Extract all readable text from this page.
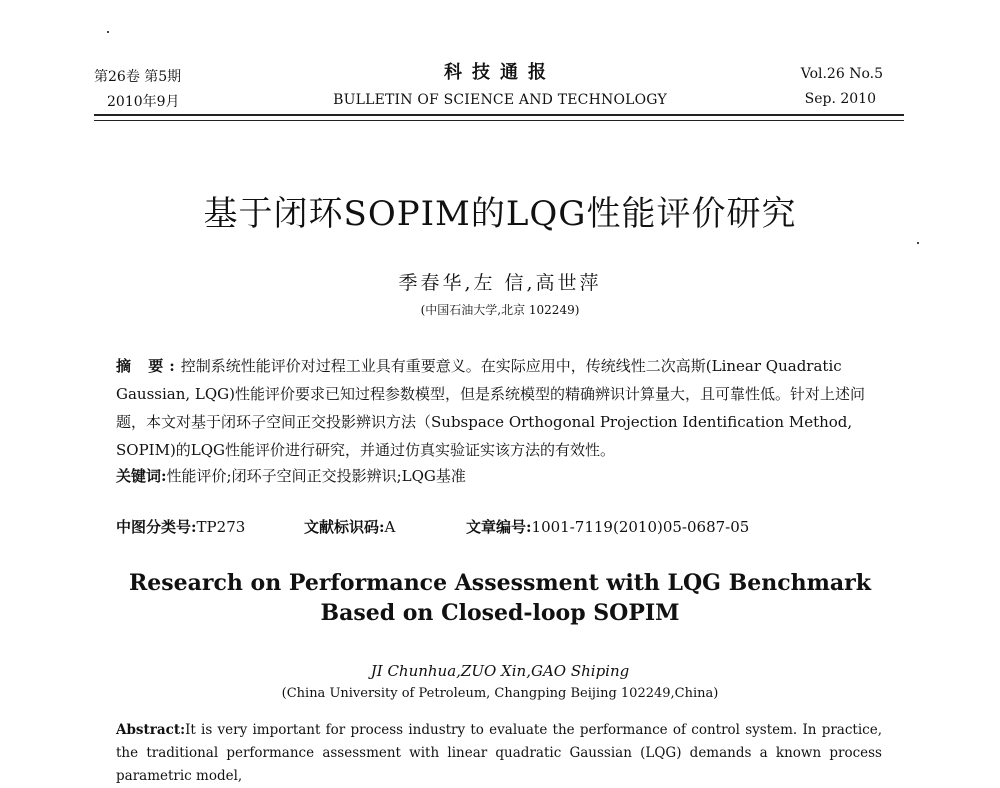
第26卷 第5期
2010年9月
科技通报
BULLETIN OF SCIENCE AND TECHNOLOGY
Vol.26 No.5
Sep. 2010
基于闭环SOPIM的LQG性能评价研究
季春华,左 信,高世萍
(中国石油大学,北京 102249)
摘 要:控制系统性能评价对过程工业具有重要意义。在实际应用中，传统线性二次高斯(Linear Quadratic Gaussian, LQG)性能评价要求已知过程参数模型，但是系统模型的精确辨识计算量大，且可靠性低。针对上述问题，本文对基于闭环子空间正交投影辨识方法（Subspace Orthogonal Projection Identification Method, SOPIM)的LQG性能评价进行研究，并通过仿真实验证实该方法的有效性。
关键词:性能评价;闭环子空间正交投影辨识;LQG基准
中图分类号:TP273	文献标识码:A	文章编号:1001-7119(2010)05-0687-05
Research on Performance Assessment with LQG Benchmark
Based on Closed-loop SOPIM
JI Chunhua,ZUO Xin,GAO Shiping
(China University of Petroleum, Changping Beijing 102249,China)
Abstract:It is very important for process industry to evaluate the performance of control system. In practice, the traditional performance assessment with linear quadratic Gaussian (LQG) demands a known process parametric model,
